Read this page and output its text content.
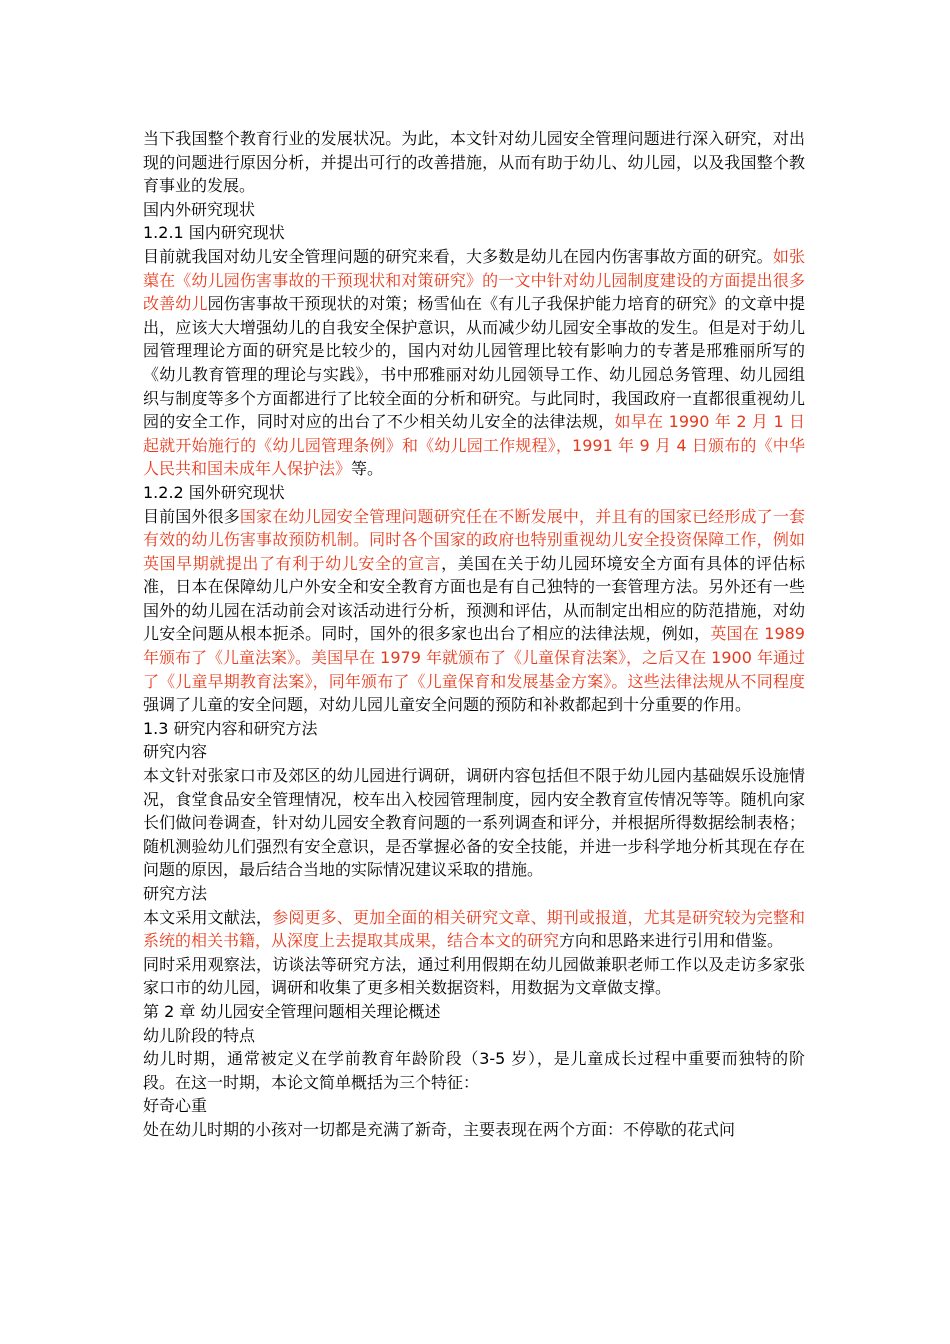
当下我国整个教育行业的发展状况。为此，本文针对幼儿园安全管理问题进行深入研究，对出现的问题进行原因分析，并提出可行的改善措施，从而有助于幼儿、幼儿园，以及我国整个教育事业的发展。

国内外研究现状

1.2.1 国内研究现状

目前就我国对幼儿安全管理问题的研究来看，大多数是幼儿在园内伤害事故方面的研究。如张蕖在《幼儿园伤害事故的干预现状和对策研究》的一文中针对幼儿园制度建设的方面提出很多改善幼儿园伤害事故干预现状的对策；杨雪仙在《有儿子我保护能力培育的研究》的文章中提出，应该大大增强幼儿的自我安全保护意识，从而减少幼儿园安全事故的发生。但是对于幼儿园管理理论方面的研究是比较少的，国内对幼儿园管理比较有影响力的专著是邢雅丽所写的《幼儿教育管理的理论与实践》，书中邢雅丽对幼儿园领导工作、幼儿园总务管理、幼儿园组织与制度等多个方面都进行了比较全面的分析和研究。与此同时，我国政府一直都很重视幼儿园的安全工作，同时对应的出台了不少相关幼儿安全的法律法规，如早在 1990 年 2 月 1 日起就开始施行的《幼儿园管理条例》和《幼儿园工作规程》，1991 年 9 月 4 日颁布的《中华人民共和国未成年人保护法》等。

1.2.2 国外研究现状

目前国外很多国家在幼儿园安全管理问题研究任在不断发展中，并且有的国家已经形成了一套有效的幼儿伤害事故预防机制。同时各个国家的政府也特别重视幼儿安全投资保障工作，例如英国早期就提出了有利于幼儿安全的宣言，美国在关于幼儿园环境安全方面有具体的评估标准，日本在保障幼儿户外安全和安全教育方面也是有自己独特的一套管理方法。另外还有一些国外的幼儿园在活动前会对该活动进行分析，预测和评估，从而制定出相应的防范措施，对幼儿安全问题从根本扼杀。同时，国外的很多家也出台了相应的法律法规，例如，英国在 1989 年颁布了《儿童法案》。美国早在 1979 年就颁布了《儿童保育法案》，之后又在 1900 年通过了《儿童早期教育法案》，同年颁布了《儿童保育和发展基金方案》。这些法律法规从不同程度强调了儿童的安全问题，对幼儿园儿童安全问题的预防和补救都起到十分重要的作用。

1.3 研究内容和研究方法

研究内容

本文针对张家口市及郊区的幼儿园进行调研，调研内容包括但不限于幼儿园内基础娱乐设施情况，食堂食品安全管理情况，校车出入校园管理制度，园内安全教育宣传情况等等。随机向家长们做问卷调查，针对幼儿园安全教育问题的一系列调查和评分，并根据所得数据绘制表格；随机测验幼儿们强烈有安全意识，是否掌握必备的安全技能，并进一步科学地分析其现在存在问题的原因，最后结合当地的实际情况建议采取的措施。

研究方法

本文采用文献法，参阅更多、更加全面的相关研究文章、期刊或报道，尤其是研究较为完整和系统的相关书籍，从深度上去提取其成果，结合本文的研究方向和思路来进行引用和借鉴。

同时采用观察法，访谈法等研究方法，通过利用假期在幼儿园做兼职老师工作以及走访多家张家口市的幼儿园，调研和收集了更多相关数据资料，用数据为文章做支撑。

第 2 章 幼儿园安全管理问题相关理论概述

幼儿阶段的特点

幼儿时期，通常被定义在学前教育年龄阶段（3-5 岁），是儿童成长过程中重要而独特的阶段。在这一时期，本论文简单概括为三个特征：

好奇心重

处在幼儿时期的小孩对一切都是充满了新奇，主要表现在两个方面：不停歇的花式问
